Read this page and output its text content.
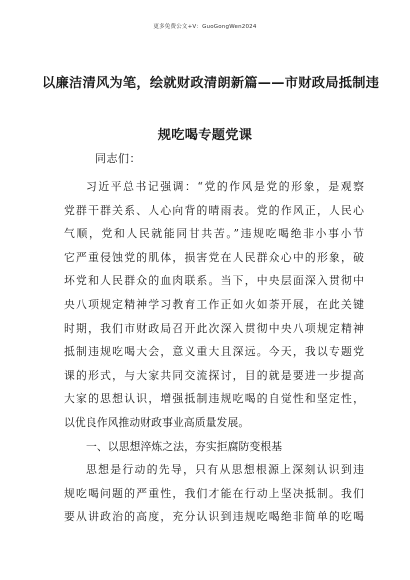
更多免费公文+V：GuoGongWen2024
以廉洁清风为笔，绘就财政清朗新篇——市财政局抵制违
规吃喝专题党课
同志们：
习近平总书记强调：“党的作风是党的形象，是观察
党群干群关系、人心向背的晴雨表。党的作风正，人民心
气顺，党和人民就能同甘共苦。”违规吃喝绝非小事小节
它严重侵蚀党的肌体，损害党在人民群众心中的形象，破
坏党和人民群众的血肉联系。当下，中央层面深入贯彻中
央八项规定精神学习教育工作正如火如荼开展，在此关键
时期，我们市财政局召开此次深入贯彻中央八项规定精神
抵制违规吃喝大会，意义重大且深远。今天，我以专题党
课的形式，与大家共同交流探讨，目的就是要进一步提高
大家的思想认识，增强抵制违规吃喝的自觉性和坚定性，
以优良作风推动财政事业高质量发展。
一、以思想淬炼之法，夯实拒腐防变根基
思想是行动的先导，只有从思想根源上深刻认识到违
规吃喝问题的严重性，我们才能在行动上坚决抵制。我们
要从讲政治的高度，充分认识到违规吃喝绝非简单的吃喝
